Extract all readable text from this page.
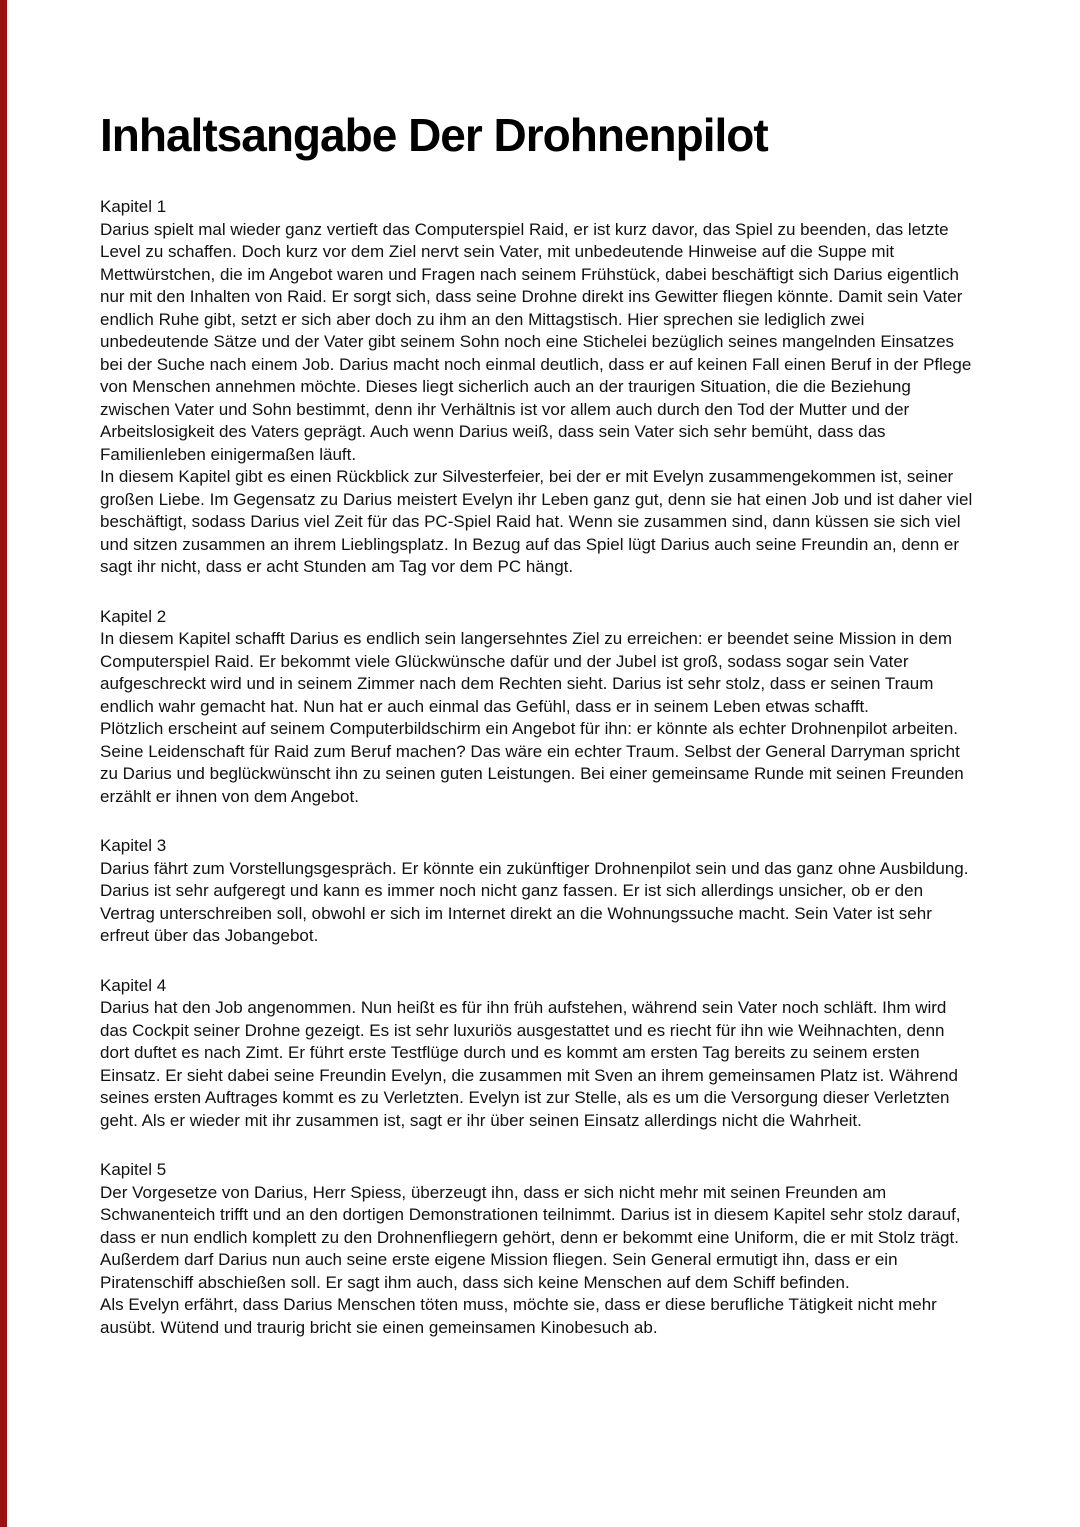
Inhaltsangabe Der Drohnenpilot
Kapitel 1

Darius spielt mal wieder ganz vertieft das Computerspiel Raid, er ist kurz davor, das Spiel zu beenden, das letzte Level zu schaffen. Doch kurz vor dem Ziel nervt sein Vater, mit unbedeutende Hinweise auf die Suppe mit Mettwürstchen, die im Angebot waren und Fragen nach seinem Frühstück, dabei beschäftigt sich Darius eigentlich nur mit den Inhalten von Raid. Er sorgt sich, dass seine Drohne direkt ins Gewitter fliegen könnte. Damit sein Vater endlich Ruhe gibt, setzt er sich aber doch zu ihm an den Mittagstisch. Hier sprechen sie lediglich zwei unbedeutende Sätze und der Vater gibt seinem Sohn noch eine Stichelei bezüglich seines mangelnden Einsatzes bei der Suche nach einem Job. Darius macht noch einmal deutlich, dass er auf keinen Fall einen Beruf in der Pflege von Menschen annehmen möchte. Dieses liegt sicherlich auch an der traurigen Situation, die die Beziehung zwischen Vater und Sohn bestimmt, denn ihr Verhältnis ist vor allem auch durch den Tod der Mutter und der Arbeitslosigkeit des Vaters geprägt. Auch wenn Darius weiß, dass sein Vater sich sehr bemüht, dass das Familienleben einigermaßen läuft.

In diesem Kapitel gibt es einen Rückblick zur Silvesterfeier, bei der er mit Evelyn zusammengekommen ist, seiner großen Liebe. Im Gegensatz zu Darius meistert Evelyn ihr Leben ganz gut, denn sie hat einen Job und ist daher viel beschäftigt, sodass Darius viel Zeit für das PC-Spiel Raid hat. Wenn sie zusammen sind, dann küssen sie sich viel und sitzen zusammen an ihrem Lieblingsplatz. In Bezug auf das Spiel lügt Darius auch seine Freundin an, denn er sagt ihr nicht, dass er acht Stunden am Tag vor dem PC hängt.

Kapitel 2

In diesem Kapitel schafft Darius es endlich sein langersehntes Ziel zu erreichen: er beendet seine Mission in dem Computerspiel Raid. Er bekommt viele Glückwünsche dafür und der Jubel ist groß, sodass sogar sein Vater aufgeschreckt wird und in seinem Zimmer nach dem Rechten sieht. Darius ist sehr stolz, dass er seinen Traum endlich wahr gemacht hat. Nun hat er auch einmal das Gefühl, dass er in seinem Leben etwas schafft.

Plötzlich erscheint auf seinem Computerbildschirm ein Angebot für ihn: er könnte als echter Drohnenpilot arbeiten. Seine Leidenschaft für Raid zum Beruf machen? Das wäre ein echter Traum. Selbst der General Darryman spricht zu Darius und beglückwünscht ihn zu seinen guten Leistungen. Bei einer gemeinsame Runde mit seinen Freunden erzählt er ihnen von dem Angebot.

Kapitel 3

Darius fährt zum Vorstellungsgespräch. Er könnte ein zukünftiger Drohnenpilot sein und das ganz ohne Ausbildung. Darius ist sehr aufgeregt und kann es immer noch nicht ganz fassen. Er ist sich allerdings unsicher, ob er den Vertrag unterschreiben soll, obwohl er sich im Internet direkt an die Wohnungssuche macht. Sein Vater ist sehr erfreut über das Jobangebot.

Kapitel 4

Darius hat den Job angenommen. Nun heißt es für ihn früh aufstehen, während sein Vater noch schläft. Ihm wird das Cockpit seiner Drohne gezeigt. Es ist sehr luxuriös ausgestattet und es riecht für ihn wie Weihnachten, denn dort duftet es nach Zimt. Er führt erste Testflüge durch und es kommt am ersten Tag bereits zu seinem ersten Einsatz. Er sieht dabei seine Freundin Evelyn, die zusammen mit Sven an ihrem gemeinsamen Platz ist. Während seines ersten Auftrages kommt es zu Verletzten. Evelyn ist zur Stelle, als es um die Versorgung dieser Verletzten geht. Als er wieder mit ihr zusammen ist, sagt er ihr über seinen Einsatz allerdings nicht die Wahrheit.

Kapitel 5

Der Vorgesetze von Darius, Herr Spiess, überzeugt ihn, dass er sich nicht mehr mit seinen Freunden am Schwanenteich trifft und an den dortigen Demonstrationen teilnimmt. Darius ist in diesem Kapitel sehr stolz darauf, dass er nun endlich komplett zu den Drohnenfliegern gehört, denn er bekommt eine Uniform, die er mit Stolz trägt. Außerdem darf Darius nun auch seine erste eigene Mission fliegen. Sein General ermutigt ihn, dass er ein Piratenschiff abschießen soll. Er sagt ihm auch, dass sich keine Menschen auf dem Schiff befinden.

Als Evelyn erfährt, dass Darius Menschen töten muss, möchte sie, dass er diese berufliche Tätigkeit nicht mehr ausübt. Wütend und traurig bricht sie einen gemeinsamen Kinobesuch ab.
